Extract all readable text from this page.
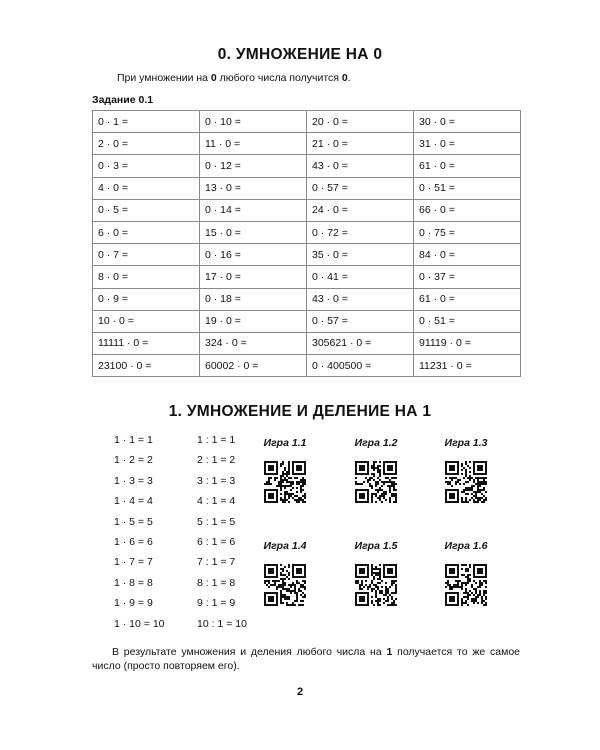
0. УМНОЖЕНИЕ НА 0
При умножении на 0 любого числа получится 0.
Задание 0.1
0 · 1 =	0 · 10 =	20 · 0 =	30 · 0 =
2 · 0 =	11 · 0 =	21 · 0 =	31 · 0 =
0 · 3 =	0 · 12 =	43 · 0 =	61 · 0 =
4 · 0 =	13 · 0 =	0 · 57 =	0 · 51 =
0 · 5 =	0 · 14 =	24 · 0 =	66 · 0 =
6 · 0 =	15 · 0 =	0 · 72 =	0 · 75 =
0 · 7 =	0 · 16 =	35 · 0 =	84 · 0 =
8 · 0 =	17 · 0 =	0 · 41 =	0 · 37 =
0 · 9 =	0 · 18 =	43 · 0 =	61 · 0 =
10 · 0 =	19 · 0 =	0 · 57 =	0 · 51 =
11111 · 0 =	324 · 0 =	305621 · 0 =	91119 · 0 =
23100 · 0 =	60002 · 0 =	0 · 400500 =	11231 · 0 =
1. УМНОЖЕНИЕ И ДЕЛЕНИЕ НА 1
1 · 1 = 1
1 · 2 = 2
1 · 3 = 3
1 · 4 = 4
1 · 5 = 5
1 · 6 = 6
1 · 7 = 7
1 · 8 = 8
1 · 9 = 9
1 · 10 = 10
1 : 1 = 1
2 : 1 = 2
3 : 1 = 3
4 : 1 = 4
5 : 1 = 5
6 : 1 = 6
7 : 1 = 7
8 : 1 = 8
9 : 1 = 9
10 : 1 = 10
Игра 1.1	Игра 1.2	Игра 1.3
Игра 1.4	Игра 1.5	Игра 1.6
В результате умножения и деления любого числа на 1 получается то же самое число (просто повторяем его).
2
